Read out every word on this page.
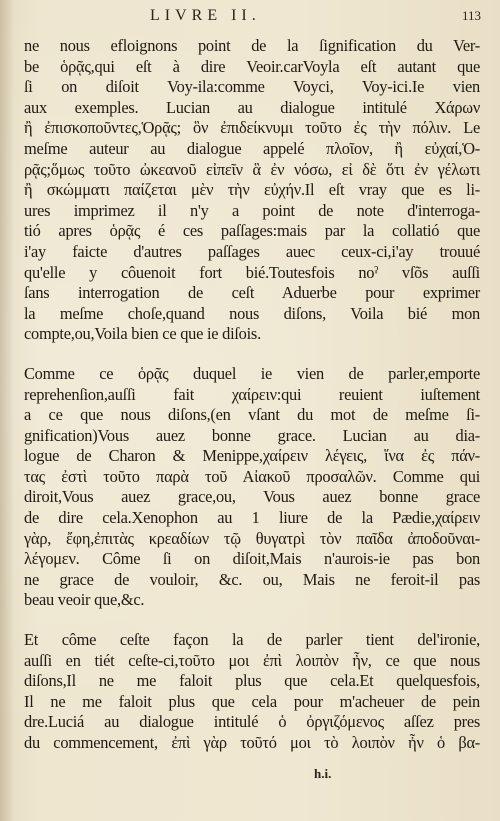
LIVRE II.	113
ne nous efloignons point de la ſignification du Ver-
be ὁρᾷς,qui eſt à dire Veoir.carVoyla eſt autant que
ſi on diſoit Voy-ila:comme Voyci, Voy-ici.Ie vien
aux exemples. Lucian au dialogue intitulé Χάρων
ἢ ἐπισκοποῦντες,Ὁρᾷς; ὃν ἐπιδείκνυμι τοῦτο ἐς τὴν πόλιν. Le
meſme auteur au dialogue appelé πλοῖον, ἢ εὐχαί,Ὁ-
ρᾷς;ὅμως τοῦτο ὠκεανοῦ εἰπεῖν ἃ ἐν νόσω, εἰ δὲ ὅτι ἐν γέλωτι
ἢ σκώμματι παίζεται μὲν τὴν εὐχήν.Il eſt vray que es li-
ures imprimez il n'y a point de note d'interroga-
tió apres ὁρᾷς é ces paſſages:mais par la collatió que
i'ay faicte d'autres paſſages auec ceux-ci,i'ay trouué
qu'elle y côuenoit fort bié.Toutesfois noˀ vſõs auſſi
ſans interrogation de ceſt Aduerbe pour exprimer
la meſme choſe,quand nous diſons, Voila bié mon
compte,ou,Voila bien ce que ie diſois.
Comme ce ὁρᾷς duquel ie vien de parler,emporte
reprehenſion,auſſi fait χαίρειν:qui reuient iuſtement
a ce que nous diſons,(en vſant du mot de meſme ſi-
gnification)Vous auez bonne grace. Lucian au dia-
logue de Charon & Menippe,χαίρειν λέγεις, ἵνα ἐς πάν-
τας ἐστὶ τοῦτο παρὰ τοῦ Αἰακοῦ προσαλῶν. Comme qui
diroit,Vous auez grace,ou, Vous auez bonne grace
de dire cela.Xenophon au 1 liure de la Pædie,χαίρειν
γὰρ, ἔφη,ἐπιτὰς κρεαδίων τῷ θυγατρὶ τὸν παῖδα ἀποδοῦναι-
λέγομεν. Côme ſi on diſoit,Mais n'aurois-ie pas bon
ne grace de vouloir, &c. ou, Mais ne feroit-il pas
beau veoir que,&c.
Et côme ceſte façon la de parler tient del'ironie,
auſſi en tiét ceſte-ci,τοῦτο μοι ἐπὶ λοιπὸν ἦν, ce que nous
diſons,Il ne me faloit plus que cela.Et quelquesfois,
Il ne me faloit plus que cela pour m'acheuer de pein
dre.Luciá au dialogue intitulé ὁ ὀργιζόμενος aſſez pres
du commencement, ἐπὶ γὰρ τοῦτό μοι τὸ λοιπὸν ἦν ὁ βα-
h.i.
